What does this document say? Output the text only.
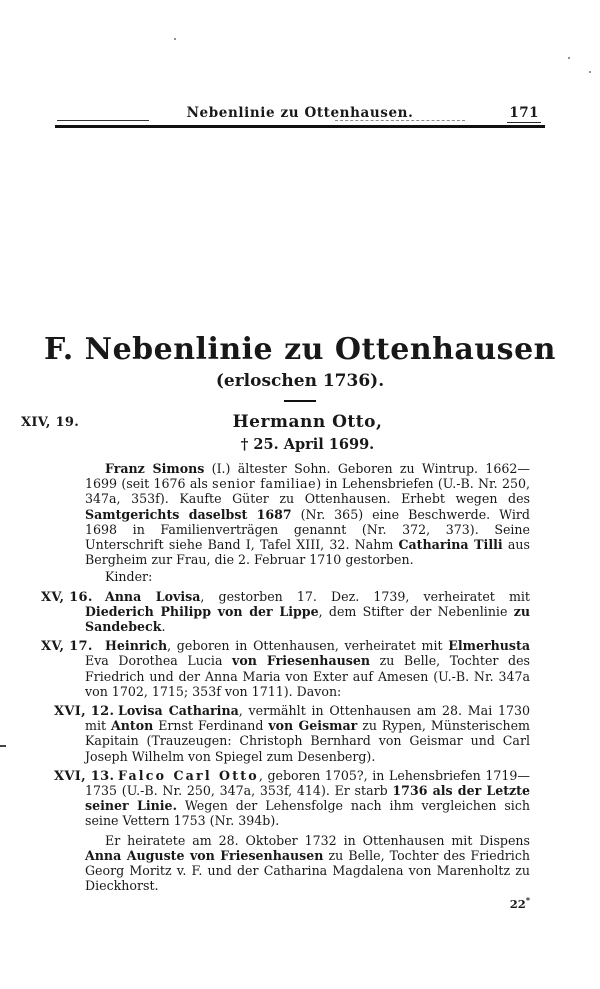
Nebenlinie zu Ottenhausen.	171
F. Nebenlinie zu Ottenhausen
(erloschen 1736).
XIV, 19.	Hermann Otto,
† 25. April 1699.
Franz Simons (I.) ältester Sohn. Geboren zu Wintrup. 1662—1699 (seit 1676 als senior familiae) in Lehensbriefen (U.-B. Nr. 250, 347a, 353f). Kaufte Güter zu Ottenhausen. Erhebt wegen des Samtgerichts daselbst 1687 (Nr. 365) eine Beschwerde. Wird 1698 in Familienverträgen genannt (Nr. 372, 373). Seine Unterschrift siehe Band I, Tafel XIII, 32. Nahm Catharina Tilli aus Bergheim zur Frau, die 2. Februar 1710 gestorben.
Kinder:
XV, 16. Anna Lovisa, gestorben 17. Dez. 1739, verheiratet mit Diederich Philipp von der Lippe, dem Stifter der Nebenlinie zu Sandebeck.
XV, 17. Heinrich, geboren in Ottenhausen, verheiratet mit Elmerhusta Eva Dorothea Lucia von Friesenhausen zu Belle, Tochter des Friedrich und der Anna Maria von Exter auf Amesen (U.-B. Nr. 347a von 1702, 1715; 353f von 1711). Davon:
XVI, 12. Lovisa Catharina, vermählt in Ottenhausen am 28. Mai 1730 mit Anton Ernst Ferdinand von Geismar zu Rypen, Münsterischem Kapitain (Trauzeugen: Christoph Bernhard von Geismar und Carl Joseph Wilhelm von Spiegel zum Desenberg).
XVI, 13. Falco Carl Otto, geboren 1705?, in Lehensbriefen 1719—1735 (U.-B. Nr. 250, 347a, 353f, 414). Er starb 1736 als der Letzte seiner Linie. Wegen der Lehensfolge nach ihm vergleichen sich seine Vettern 1753 (Nr. 394b).
Er heiratete am 28. Oktober 1732 in Ottenhausen mit Dispens Anna Auguste von Friesenhausen zu Belle, Tochter des Friedrich Georg Moritz v. F. und der Catharina Magdalena von Marenholtz zu Dieckhorst.
22*
